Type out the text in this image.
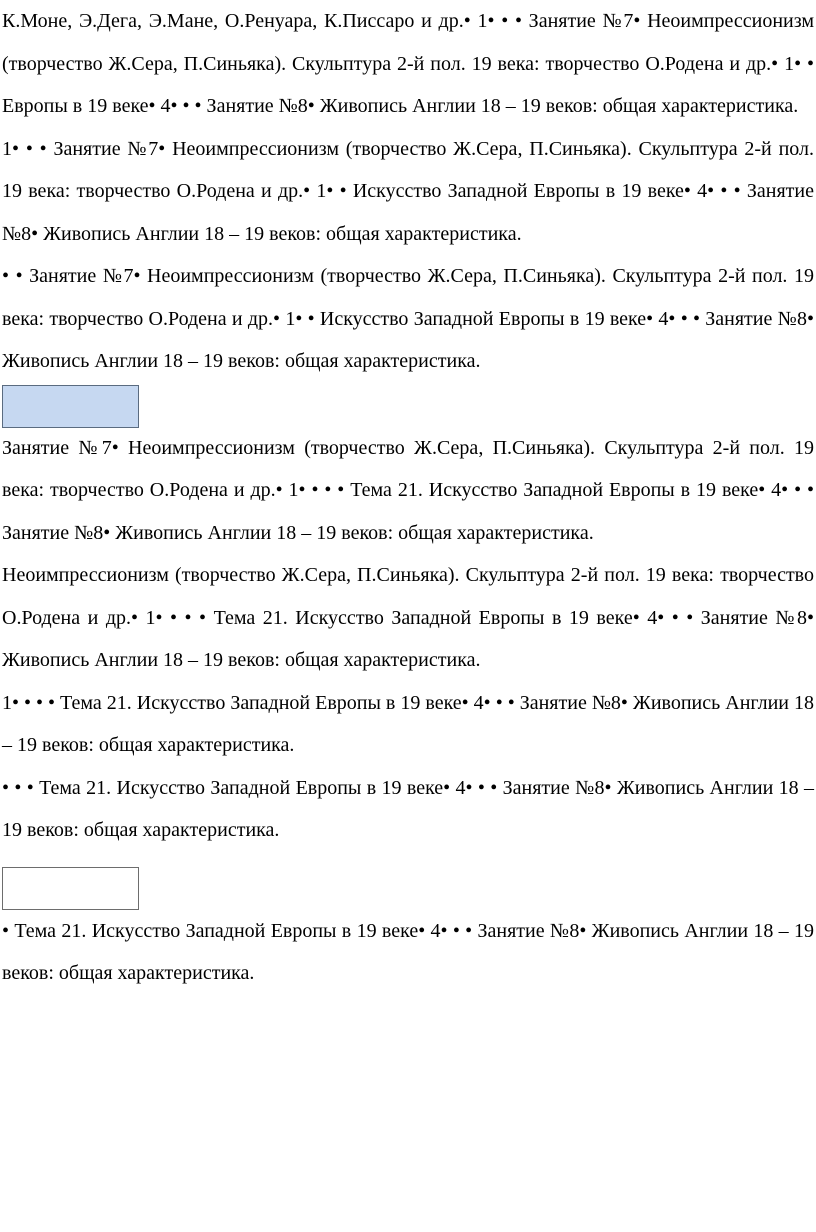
К.Моне, Э.Дега, Э.Мане, О.Ренуара, К.Писсаро и др.• 1• • • Занятие №7• Неоимпрессионизм (творчество Ж.Сера, П.Синьяка). Скульптура 2-й пол. 19 века: творчество О.Родена и др.• 1• • Европы в 19 веке• 4• • • Занятие №8• Живопись Англии 18 – 19 веков: общая характеристика.

1• • • Занятие №7• Неоимпрессионизм (творчество Ж.Сера, П.Синьяка). Скульптура 2-й пол. 19 века: творчество О.Родена и др.• 1• • Искусство Западной Европы в 19 веке• 4• • • Занятие №8• Живопись Англии 18 – 19 веков: общая характеристика.

• • Занятие №7• Неоимпрессионизм (творчество Ж.Сера, П.Синьяка). Скульптура 2-й пол. 19 века: творчество О.Родена и др.• 1• • Искусство Западной Европы в 19 веке• 4• • • Занятие №8• Живопись Англии 18 – 19 веков: общая характеристика.

Занятие №7• Неоимпрессионизм (творчество Ж.Сера, П.Синьяка). Скульптура 2-й пол. 19 века: творчество О.Родена и др.• 1• • • • Тема 21. Искусство Западной Европы в 19 веке• 4• • • Занятие №8• Живопись Англии 18 – 19 веков: общая характеристика.

Неоимпрессионизм (творчество Ж.Сера, П.Синьяка). Скульптура 2-й пол. 19 века: творчество О.Родена и др.• 1• • • • Тема 21. Искусство Западной Европы в 19 веке• 4• • • Занятие №8• Живопись Англии 18 – 19 веков: общая характеристика.

1• • • • Тема 21. Искусство Западной Европы в 19 веке• 4• • • Занятие №8• Живопись Англии 18 – 19 веков: общая характеристика.

• • • Тема 21. Искусство Западной Европы в 19 веке• 4• • • Занятие №8• Живопись Англии 18 – 19 веков: общая характеристика.

• Тема 21. Искусство Западной Европы в 19 веке• 4• • • Занятие №8• Живопись Англии 18 – 19 веков: общая характеристика.
